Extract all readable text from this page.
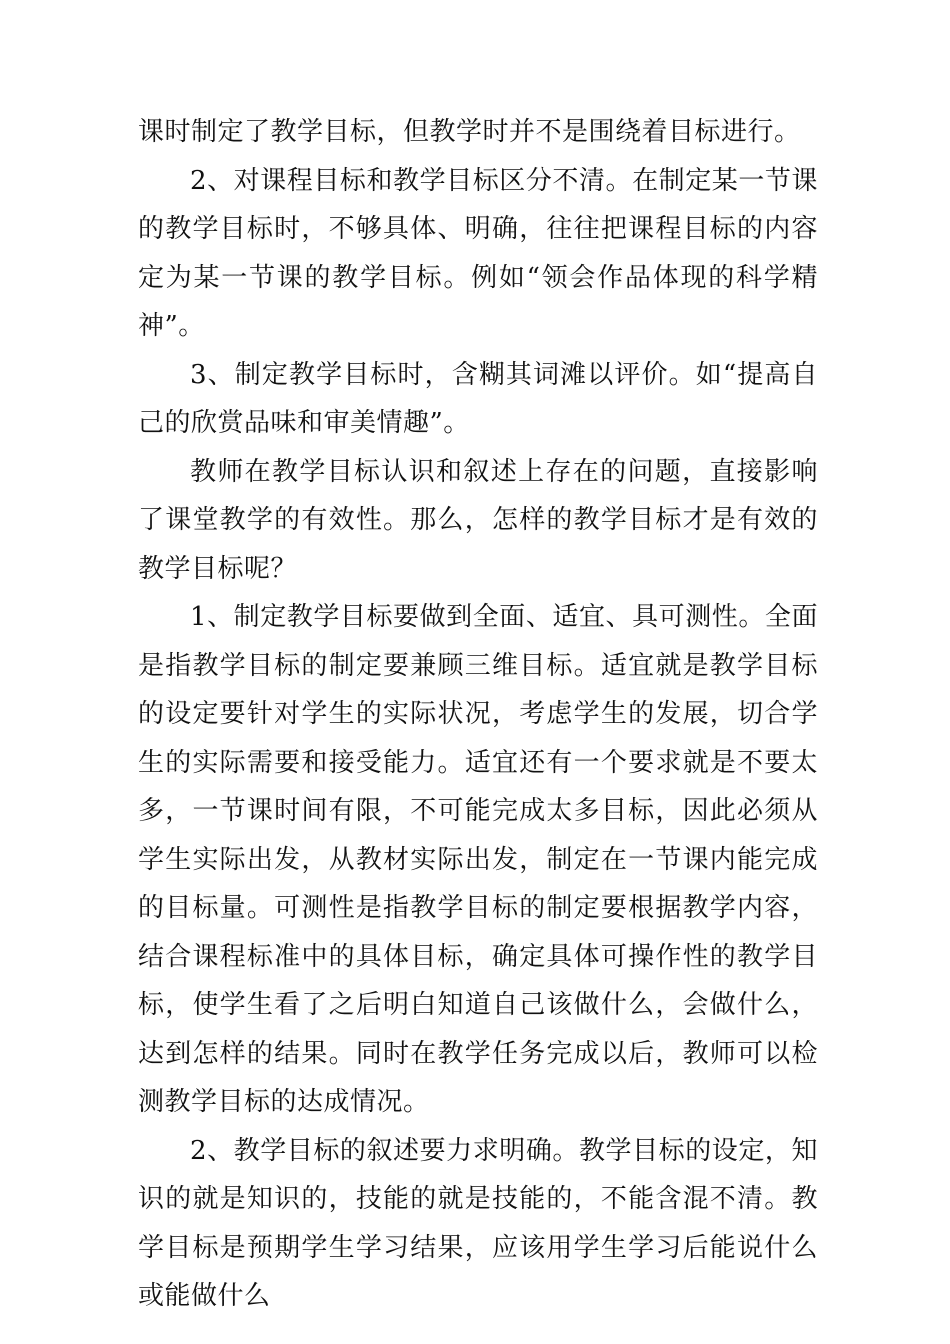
课时制定了教学目标，但教学时并不是围绕着目标进行。

2、对课程目标和教学目标区分不清。在制定某一节课的教学目标时，不够具体、明确，往往把课程目标的内容定为某一节课的教学目标。例如“领会作品体现的科学精神”。

3、制定教学目标时，含糊其词滩以评价。如“提高自己的欣赏品味和审美情趣”。

教师在教学目标认识和叙述上存在的问题，直接影响了课堂教学的有效性。那么，怎样的教学目标才是有效的教学目标呢？

1、制定教学目标要做到全面、适宜、具可测性。全面是指教学目标的制定要兼顾三维目标。适宜就是教学目标的设定要针对学生的实际状况，考虑学生的发展，切合学生的实际需要和接受能力。适宜还有一个要求就是不要太多，一节课时间有限，不可能完成太多目标，因此必须从学生实际出发，从教材实际出发，制定在一节课内能完成的目标量。可测性是指教学目标的制定要根据教学内容，结合课程标准中的具体目标，确定具体可操作性的教学目标，使学生看了之后明白知道自己该做什么，会做什么，达到怎样的结果。同时在教学任务完成以后，教师可以检测教学目标的达成情况。

2、教学目标的叙述要力求明确。教学目标的设定，知识的就是知识的，技能的就是技能的，不能含混不清。教学目标是预期学生学习结果，应该用学生学习后能说什么或能做什么
